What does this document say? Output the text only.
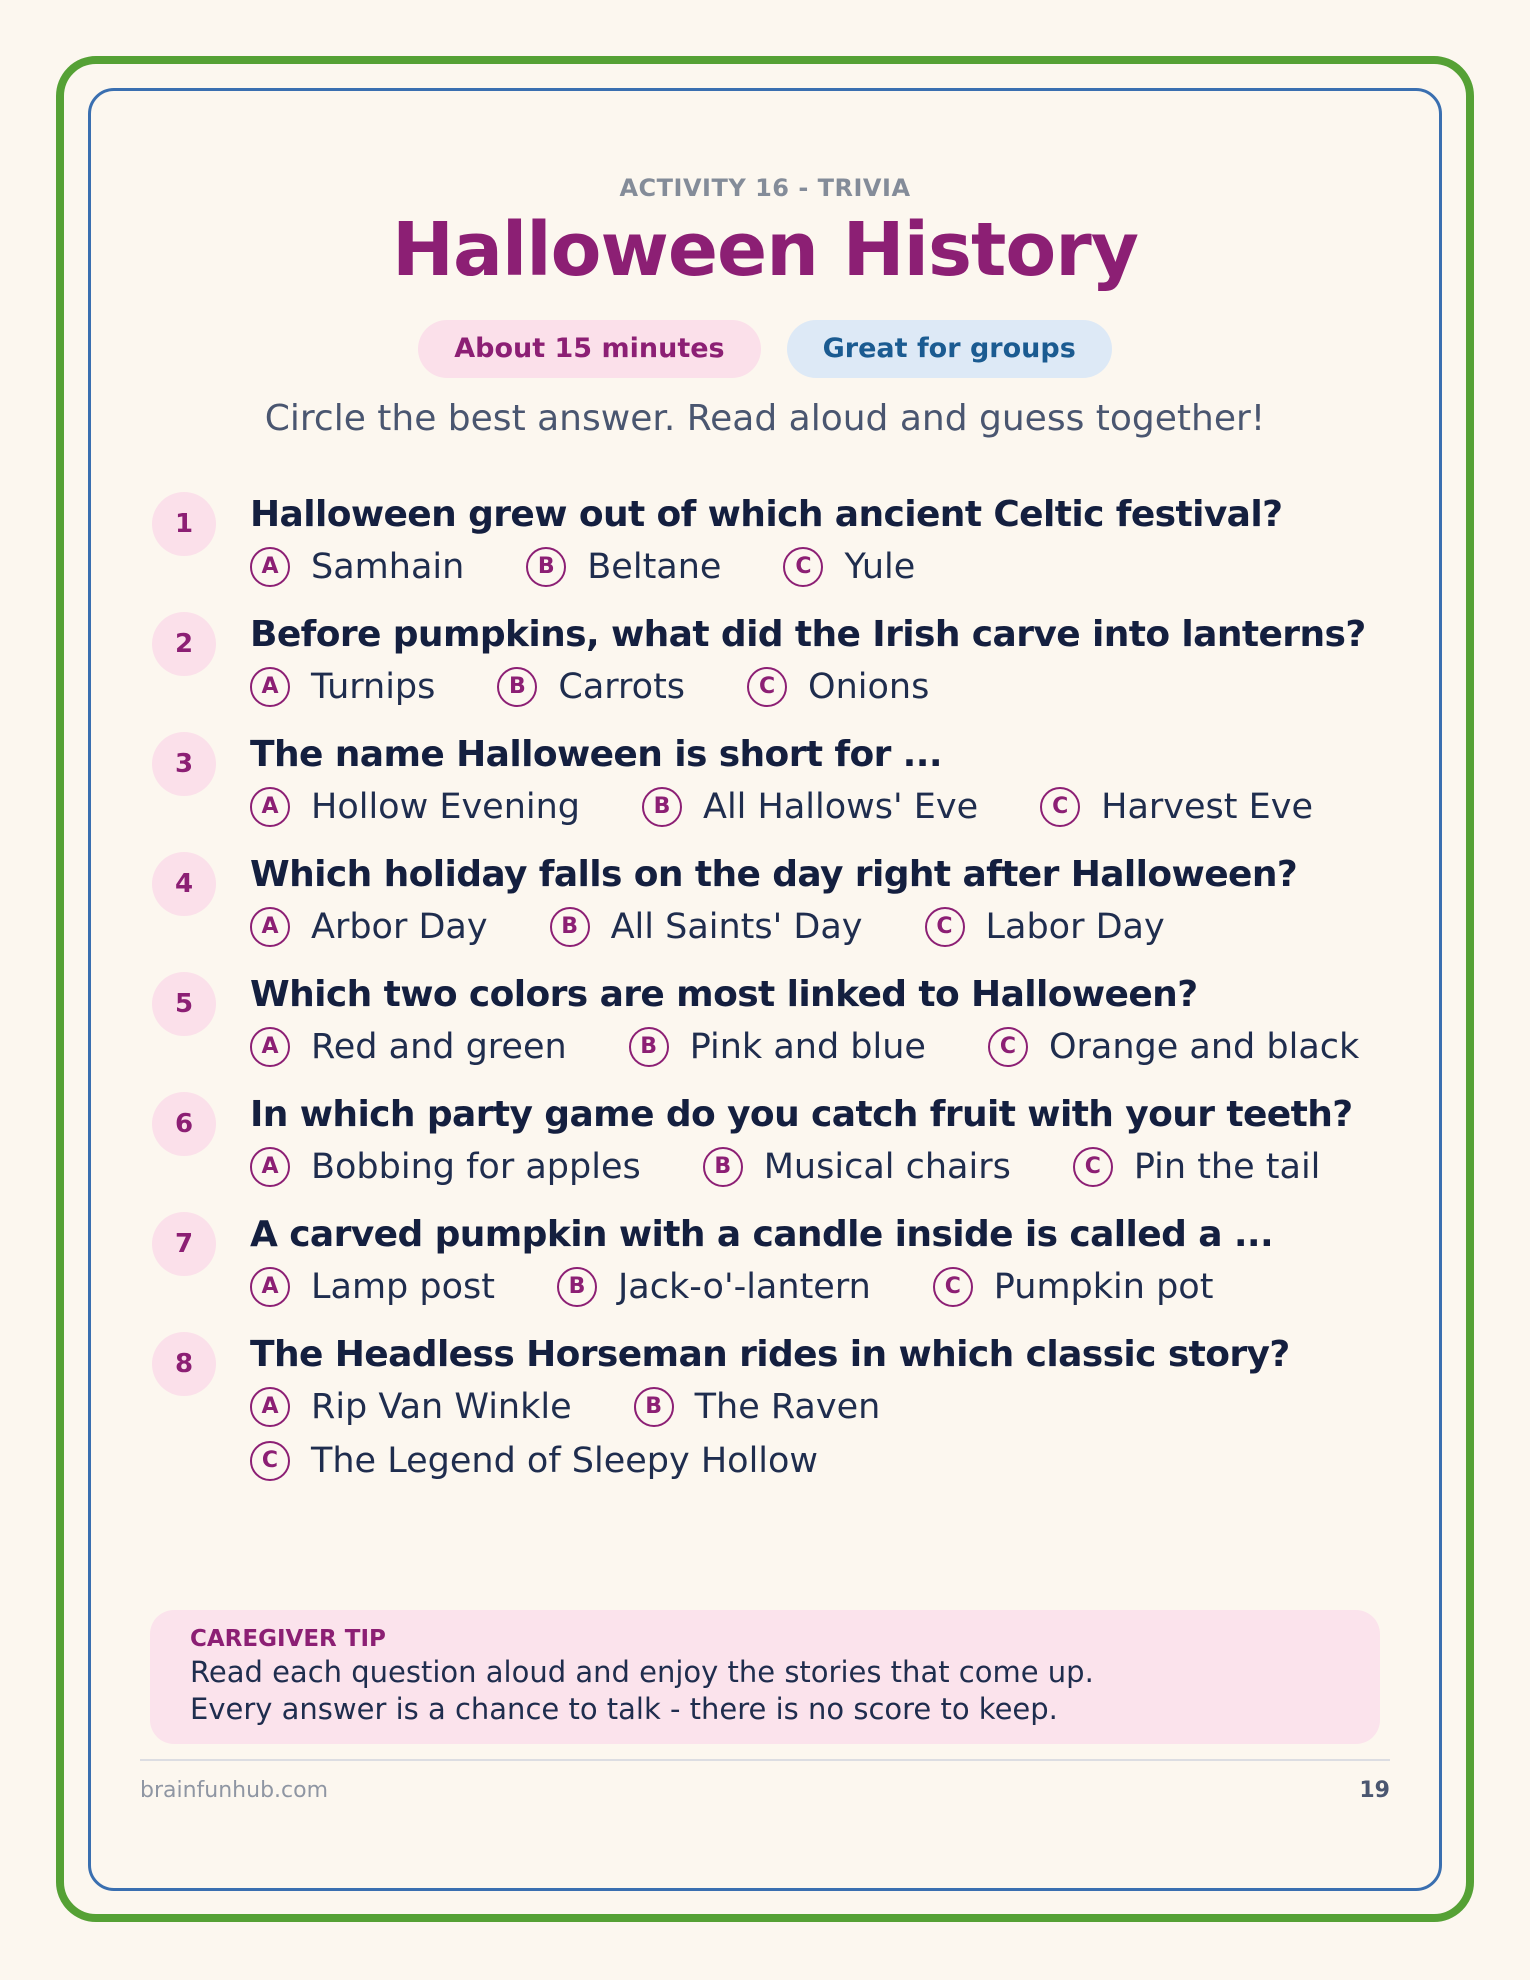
ACTIVITY 16 - TRIVIA
Halloween History
About 15 minutes	Great for groups
Circle the best answer. Read aloud and guess together!
1	Halloween grew out of which ancient Celtic festival?
A Samhain	B Beltane	C Yule
2	Before pumpkins, what did the Irish carve into lanterns?
A Turnips	B Carrots	C Onions
3	The name Halloween is short for ...
A Hollow Evening	B All Hallows' Eve	C Harvest Eve
4	Which holiday falls on the day right after Halloween?
A Arbor Day	B All Saints' Day	C Labor Day
5	Which two colors are most linked to Halloween?
A Red and green	B Pink and blue	C Orange and black
6	In which party game do you catch fruit with your teeth?
A Bobbing for apples	B Musical chairs	C Pin the tail
7	A carved pumpkin with a candle inside is called a ...
A Lamp post	B Jack-o'-lantern	C Pumpkin pot
8	The Headless Horseman rides in which classic story?
A Rip Van Winkle	B The Raven
C The Legend of Sleepy Hollow
CAREGIVER TIP
Read each question aloud and enjoy the stories that come up.
Every answer is a chance to talk - there is no score to keep.
brainfunhub.com	19
